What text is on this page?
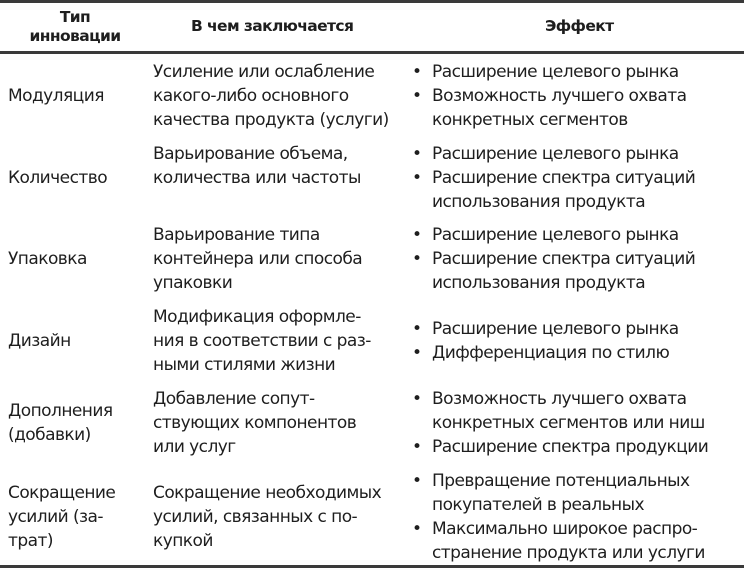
Тип
инновации
В чем заключается	Эффект
Модуляция
Усиление или ослабление
какого-либо основного
качества продукта (услуги)
• Расширение целевого рынка
• Возможность лучшего охвата
конкретных сегментов
Количество
Варьирование объема,
количества или частоты
• Расширение целевого рынка
• Расширение спектра ситуаций
использования продукта
Упаковка
Варьирование типа
контейнера или способа
упаковки
• Расширение целевого рынка
• Расширение спектра ситуаций
использования продукта
Дизайн
Модификация оформле-
ния в соответствии с раз-
ными стилями жизни
• Расширение целевого рынка
• Дифференциация по стилю
Дополнения
(добавки)
Добавление сопут-
ствующих компонентов
или услуг
• Возможность лучшего охвата
конкретных сегментов или ниш
• Расширение спектра продукции
Сокращение
усилий (за-
трат)
Сокращение необходимых
усилий, связанных с по-
купкой
• Превращение потенциальных
покупателей в реальных
• Максимально широкое распро-
странение продукта или услуги
